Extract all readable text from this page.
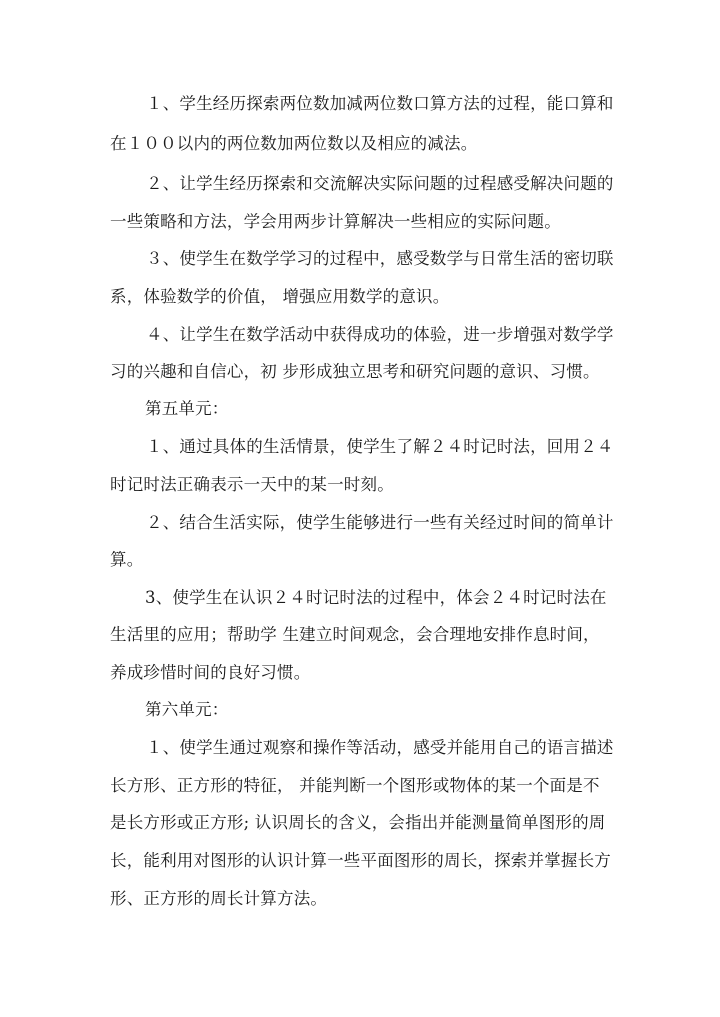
１、学生经历探索两位数加减两位数口算方法的过程，能口算和
在１００以内的两位数加两位数以及相应的减法。
２、让学生经历探索和交流解决实际问题的过程感受解决问题的
一些策略和方法，学会用两步计算解决一些相应的实际问题。
３、使学生在数学学习的过程中，感受数学与日常生活的密切联
系，体验数学的价值， 增强应用数学的意识。
４、让学生在数学活动中获得成功的体验，进一步增强对数学学
习的兴趣和自信心，初 步形成独立思考和研究问题的意识、习惯。
第五单元：
１、通过具体的生活情景，使学生了解２４时记时法，回用２４
时记时法正确表示一天中的某一时刻。
２、结合生活实际，使学生能够进行一些有关经过时间的简单计
算。
3、使学生在认识２４时记时法的过程中，体会２４时记时法在
生活里的应用；帮助学 生建立时间观念，会合理地安排作息时间，
养成珍惜时间的良好习惯。
第六单元：
１、使学生通过观察和操作等活动，感受并能用自己的语言描述
长方形、正方形的特征， 并能判断一个图形或物体的某一个面是不
是长方形或正方形; 认识周长的含义，会指出并能测量简单图形的周
长，能利用对图形的认识计算一些平面图形的周长，探索并掌握长方
形、正方形的周长计算方法。
